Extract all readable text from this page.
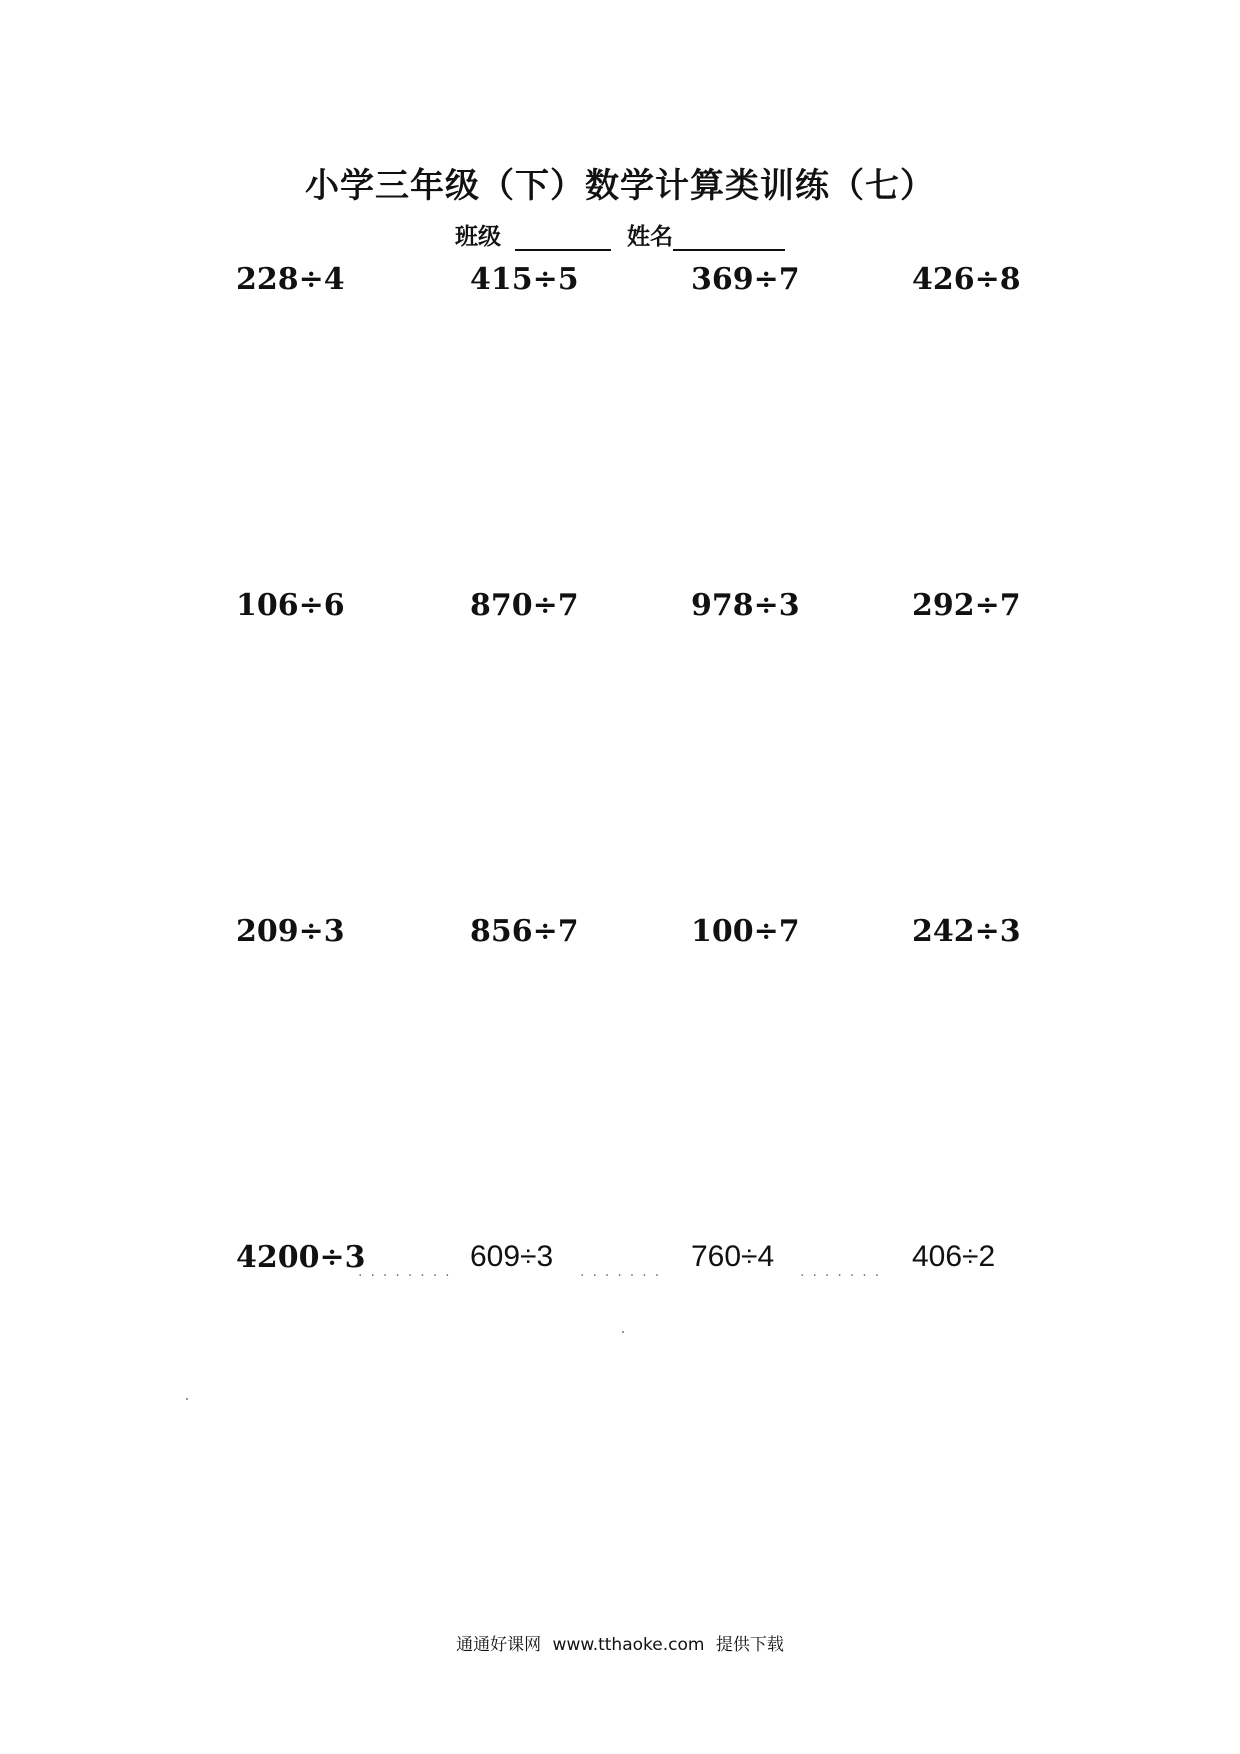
小学三年级（下）数学计算类训练（七）
班级	姓名
228÷4	415÷5	369÷7	426÷8
106÷6	870÷7	978÷3	292÷7
209÷3	856÷7	100÷7	242÷3
4200÷3	609÷3	760÷4	406÷2
........	.......	.......
通通好课网 www.tthaoke.com 提供下载
